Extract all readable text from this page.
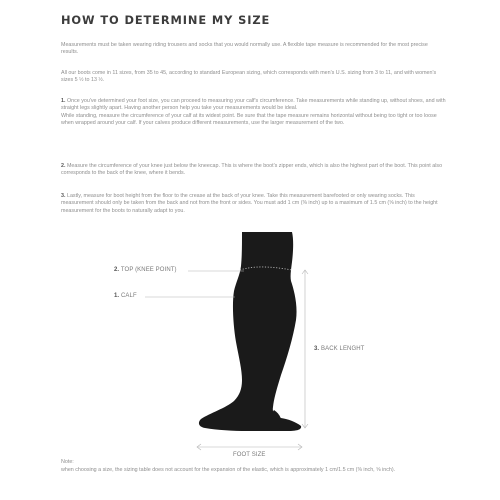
HOW TO DETERMINE MY SIZE

Measurements must be taken wearing riding trousers and socks that you would normally use. A flexible tape measure is recommended for the most precise results.

All our boots come in 11 sizes, from 35 to 45, according to standard European sizing, which corresponds with men's U.S. sizing from 3 to 11, and with women's sizes 5 ½ to 13 ½.

1. Once you've determined your foot size, you can proceed to measuring your calf's circumference. Take measurements while standing up, without shoes, and with straight legs slightly apart. Having another person help you take your measurements would be ideal.
While standing, measure the circumference of your calf at its widest point. Be sure that the tape measure remains horizontal without being too tight or too loose when wrapped around your calf. If your calves produce different measurements, use the larger measurement of the two.
2. Measure the circumference of your knee just below the kneecap. This is where the boot's zipper ends, which is also the highest part of the boot. This point also corresponds to the back of the knee, where it bends.
3. Lastly, measure for boot height from the floor to the crease at the back of your knee. Take this measurement barefooted or only wearing socks. This measurement should only be taken from the back and not from the front or sides. You must add 1 cm (⅜ inch) up to a maximum of 1.5 cm (⅝ inch) to the height measurement for the boots to naturally adapt to you.
2. TOP (KNEE POINT)
1. CALF
3. BACK LENGHT
FOOT SIZE
Note:
when choosing a size, the sizing table does not account for the expansion of the elastic, which is approximately 1 cm/1.5 cm (⅜ inch, ⅝ inch).
